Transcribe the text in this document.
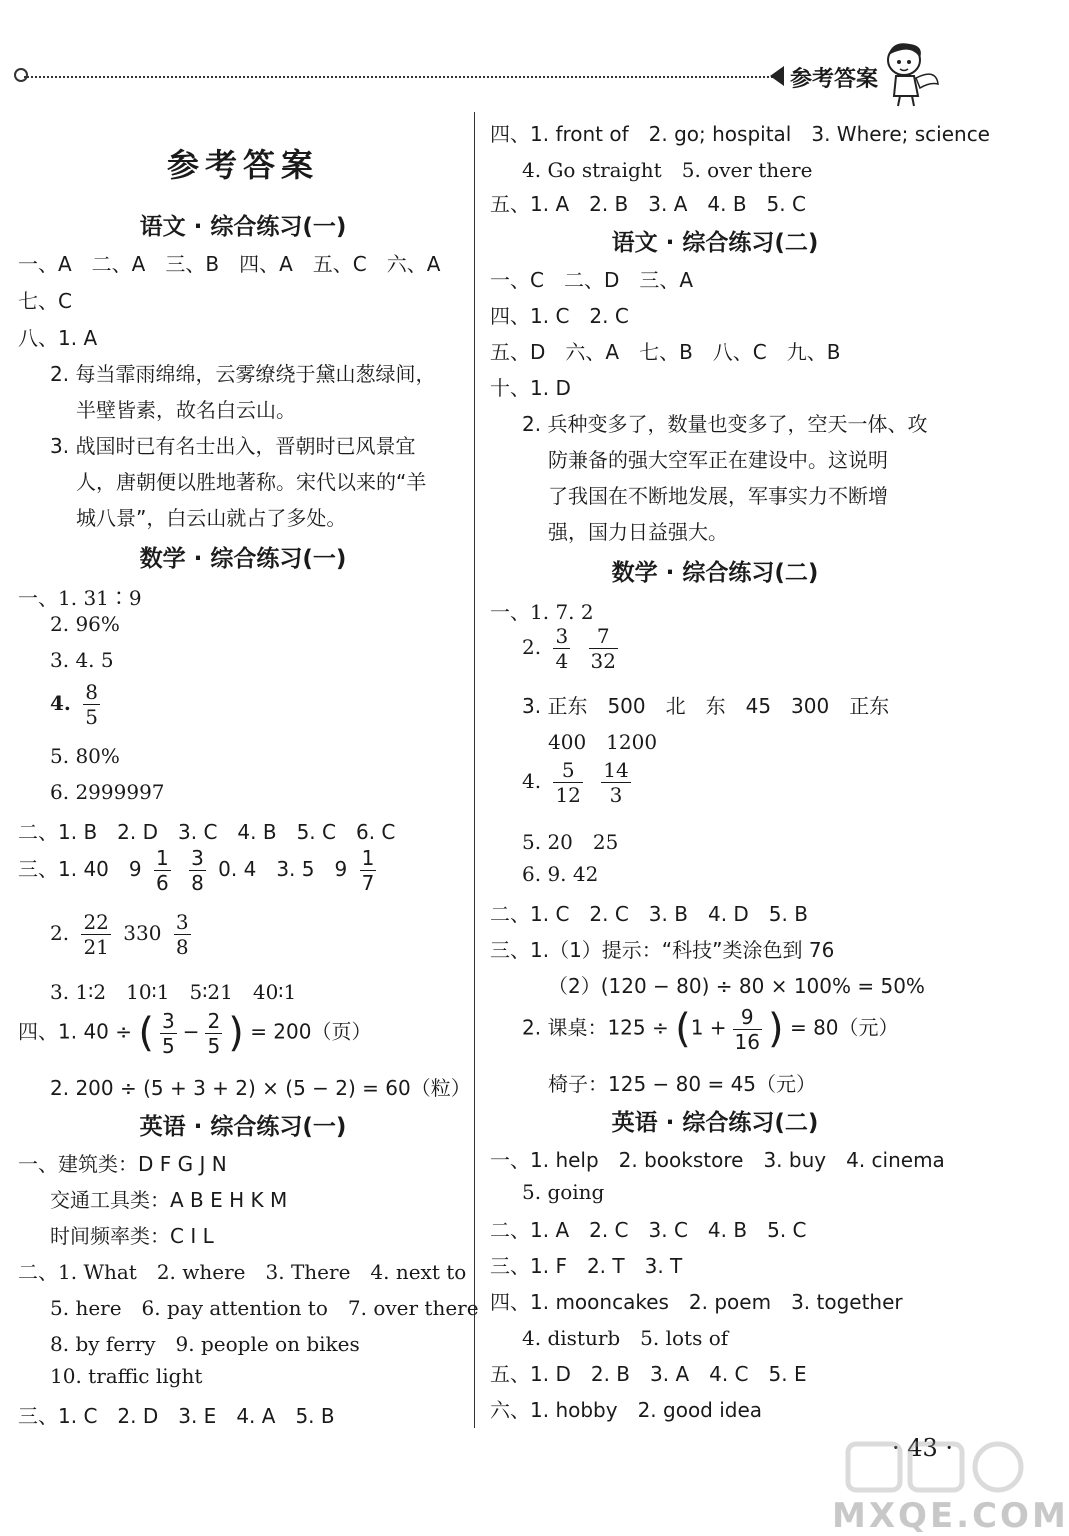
参考答案
参考答案
语文 · 综合练习(一)
一、A　二、A　三、B　四、A　五、C　六、A
七、C
八、1. A
2. 每当霏雨绵绵，云雾缭绕于黛山葱绿间，
半壁皆素，故名白云山。
3. 战国时已有名士出入，晋朝时已风景宜
人，唐朝便以胜地著称。宋代以来的“羊
城八景”，白云山就占了多处。
数学 · 综合练习(一)
一、1. 31∶9
2. 96%
3. 4. 5
4. $\frac{8}{5}$
5. 80%
6. 2999997
二、1. B　2. D　3. C　4. B　5. C　6. C
三、1. 40　$9 \frac{1}{6}$
$\frac{3}{8} 0$. 4　3. 5　$9 \frac{1}{7}$
2. $\frac{22}{21} 330 \frac{3}{8}$
3. 1∶2　10∶1　5∶21　40∶1
四、1. 40 ÷ ( $\frac{3}{5} - \frac{2}{5}$ ) = 200（页）
2. 200 ÷ (5 + 3 + 2) × (5 − 2) = 60（粒）
英语 · 综合练习(一)
一、建筑类：D F G J N
交通工具类：A B E H K M
时间频率类：C I L
二、1. What　2. where　3. There　4. next to
5. here　6. pay attention to　7. over there
8. by ferry　9. people on bikes
10. traffic light
三、1. C　2. D　3. E　4. A　5. B
四、1. front of　2. go; hospital　3. Where; science
4. Go straight　5. over there
五、1. A　2. B　3. A　4. B　5. C
语文 · 综合练习(二)
一、C　二、D　三、A
四、1. C　2. C
五、D　六、A　七、B　八、C　九、B
十、1. D
2. 兵种变多了，数量也变多了，空天一体、攻
防兼备的强大空军正在建设中。这说明
了我国在不断地发展，军事实力不断增
强，国力日益强大。
数学 · 综合练习(二)
一、1. 7. 2
2. $\frac{3}{4}$
$\frac{7}{32}$
3. 正东　500　北　东　45　300　正东
400　1200
4. $\frac{5}{12}$
$\frac{14}{3}$
5. 20　25
6. 9. 42
二、1. C　2. C　3. B　4. D　5. B
三、1.（1）提示：“科技”类涂色到 76
（2）(120 − 80) ÷ 80 × 100% = 50%
2. 课桌：$125 \div (1 + \frac{9}{16}$ ) = 80（元）
椅子：125 − 80 = 45（元）
英语 · 综合练习(二)
一、1. help　2. bookstore　3. buy　4. cinema
5. going
二、1. A　2. C　3. C　4. B　5. C
三、1. F　2. T　3. T
四、1. mooncakes　2. poem　3. together
4. disturb　5. lots of
五、1. D　2. B　3. A　4. C　5. E
六、1. hobby　2. good idea
· 43 ·
MXQE.COM
